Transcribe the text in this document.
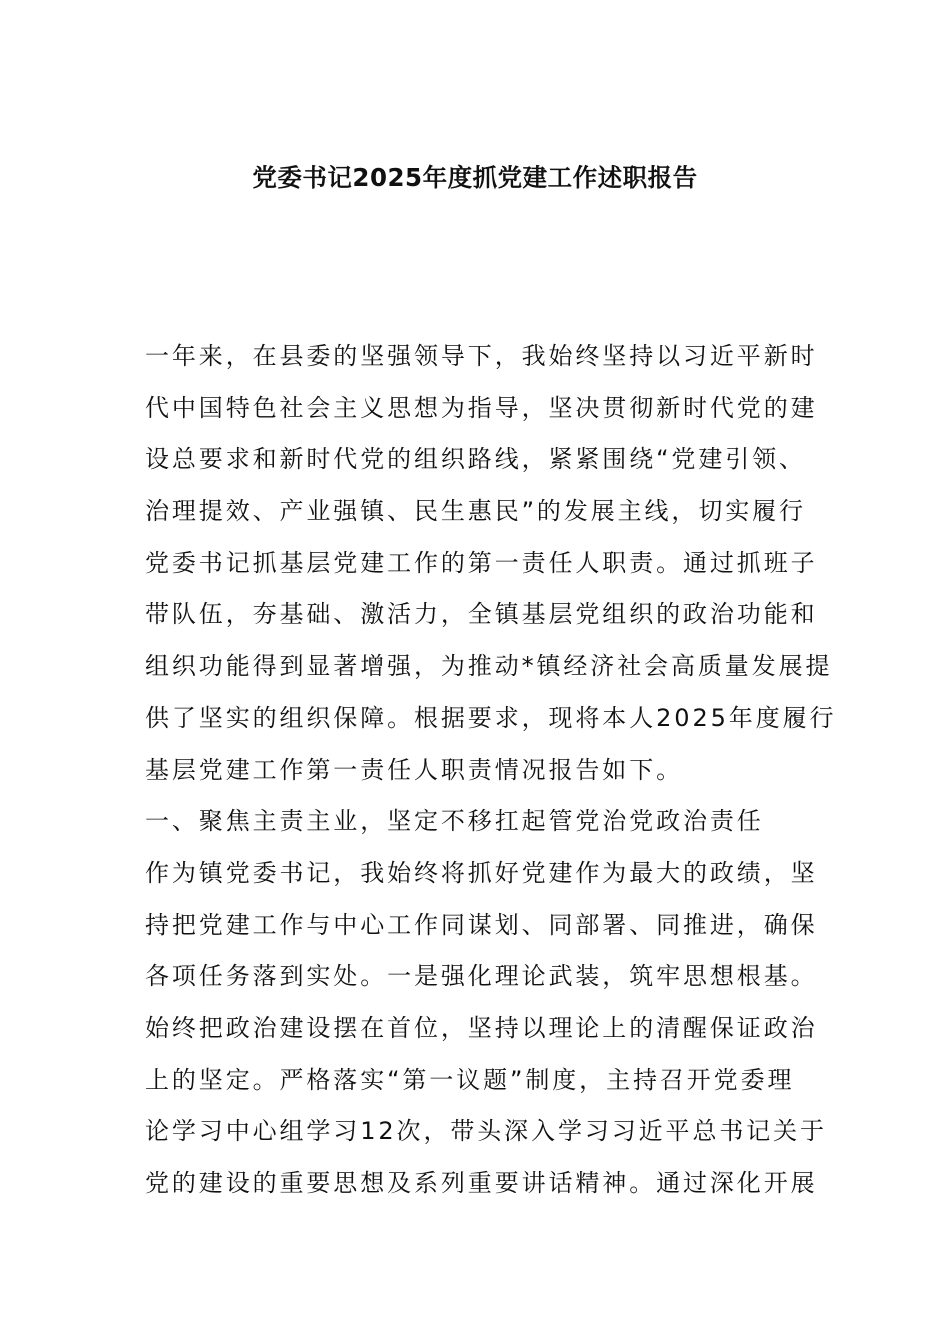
党委书记2025年度抓党建工作述职报告
一年来，在县委的坚强领导下，我始终坚持以习近平新时
代中国特色社会主义思想为指导，坚决贯彻新时代党的建
设总要求和新时代党的组织路线，紧紧围绕“党建引领、
治理提效、产业强镇、民生惠民”的发展主线，切实履行
党委书记抓基层党建工作的第一责任人职责。通过抓班子
带队伍，夯基础、激活力，全镇基层党组织的政治功能和
组织功能得到显著增强，为推动*镇经济社会高质量发展提
供了坚实的组织保障。根据要求，现将本人2025年度履行
基层党建工作第一责任人职责情况报告如下。
一、聚焦主责主业，坚定不移扛起管党治党政治责任
作为镇党委书记，我始终将抓好党建作为最大的政绩，坚
持把党建工作与中心工作同谋划、同部署、同推进，确保
各项任务落到实处。一是强化理论武装，筑牢思想根基。
始终把政治建设摆在首位，坚持以理论上的清醒保证政治
上的坚定。严格落实“第一议题”制度，主持召开党委理
论学习中心组学习12次，带头深入学习习近平总书记关于
党的建设的重要思想及系列重要讲话精神。通过深化开展
